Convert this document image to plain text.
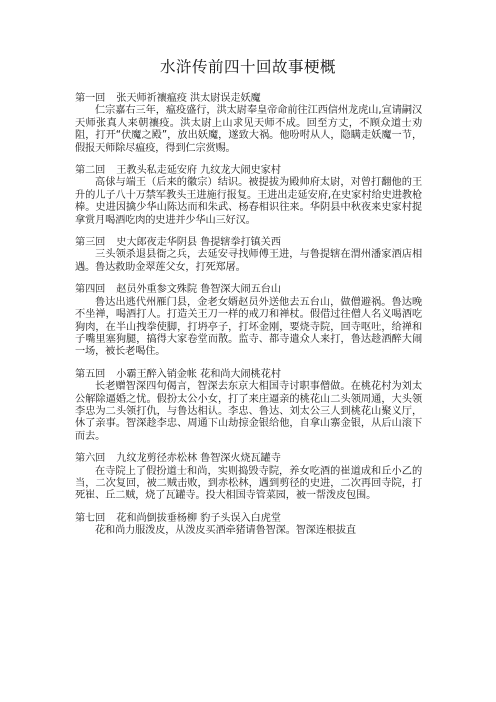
水浒传前四十回故事梗概

第一回 张天师祈禳瘟疫 洪太尉误走妖魔

仁宗嘉右三年，瘟疫盛行，洪太尉奉皇帝命前往江西信州龙虎山,宣请嗣汉天师张真人来朝禳疫。洪太尉上山求见天师不成。回至方丈，不顾众道士劝阻，打开“伏魔之殿”，放出妖魔，遂致大祸。他吩咐从人，隐瞒走妖魔一节，假报天师除尽瘟疫，得到仁宗赏赐。

第二回 王教头私走延安府 九纹龙大闹史家村

高俅与端王（后来的徽宗）结识。被提拔为殿帅府太尉，对曾打翻他的王升的儿子八十万禁军教头王进施行报复。王进出走延安府,在史家村给史进教枪棒。史进因擒少华山陈达而和朱武、杨春相识往来。华阴县中秋夜来史家村捉拿赏月喝酒吃肉的史进并少华山三好汉。

第三回 史大郎夜走华阴县 鲁提辖拳打镇关西

三头领杀退县衙之兵，去延安寻找师傅王进，与鲁提辖在渭州潘家酒店相遇。鲁达救助金翠莲父女，打死郑屠。

第四回 赵员外重参文殊院 鲁智深大闹五台山

鲁达出逃代州雁门县，金老女婿赵员外送他去五台山，做僧避祸。鲁达晚不坐禅，喝酒打人。打造关王刀一样的戒刀和禅杖。假借过往僧人名义喝酒吃狗肉，在半山拽拳使脚，打坍亭子，打坏金刚，要烧寺院，回寺呕吐，给禅和子嘴里塞狗腿，搞得大家卷堂而散。监寺、都寺遣众人来打，鲁达趁酒醉大闹一场，被长老喝住。

第五回 小霸王醉入销金帐 花和尚大闹桃花村

长老赠智深四句偈言，智深去东京大相国寺讨职事僧做。在桃花村为刘太 公解除逼婚之忧。假扮太公小女，打了来庄逼亲的桃花山二头领周通，大头领李忠为二头领打仇，与鲁达相认。李忠、鲁达、刘太公三人到桃花山聚义厅，休了亲事。智深趁李忠、周通下山劫掠金银给他，自拿山寨金银，从后山滚下而去。

第六回 九纹龙剪径赤松林 鲁智深火烧瓦罐寺

在寺院上了假扮道士和尚，实则捣毁寺院，养女吃酒的崔道成和丘小乙的当，二次复回，被二贼击败，到赤松林，遇到剪径的史进，二次再回寺院，打死崔、丘二贼，烧了瓦罐寺。投大相国寺管菜园，被一帮泼皮包围。

第七回 花和尚倒拔垂杨柳 豹子头误入白虎堂

花和尚力服泼皮，从泼皮买酒牵猪请鲁智深。智深连根拔直
